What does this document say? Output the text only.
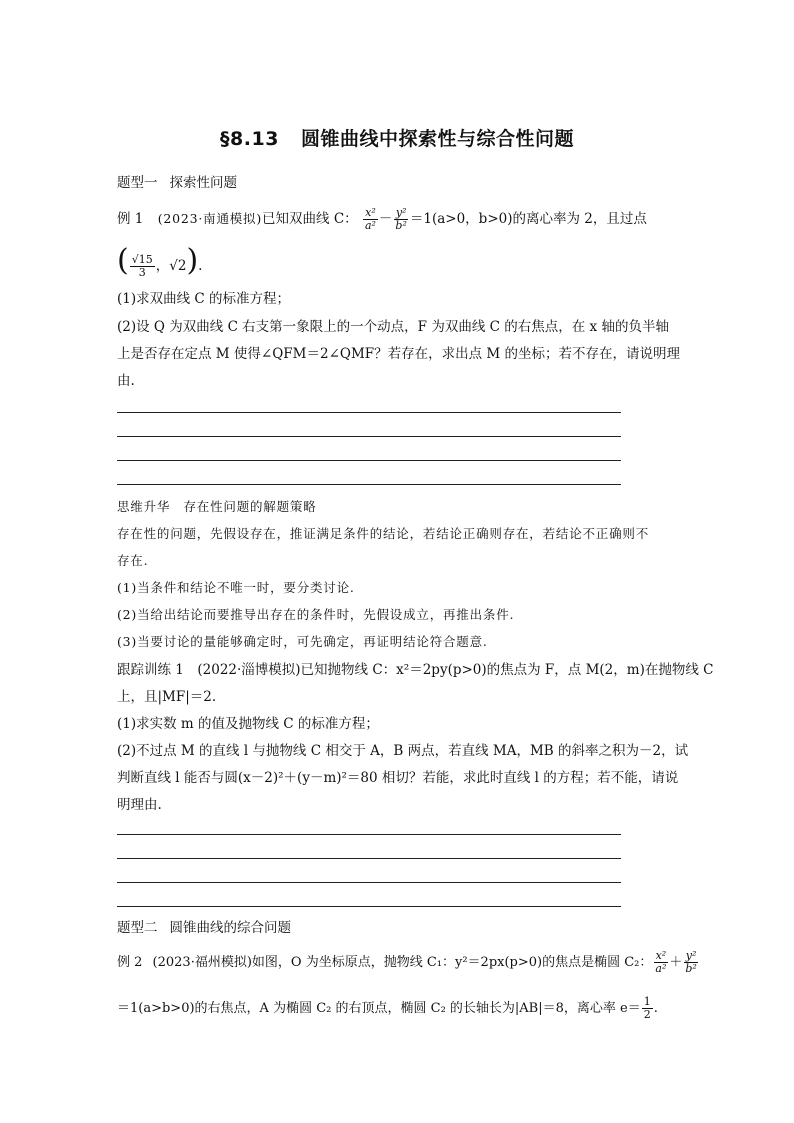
§8.13 圆锥曲线中探索性与综合性问题
题型一 探索性问题
例 1 (2023·南通模拟)已知双曲线 C： $\frac{\text{x²}}{\text{a²}} - \frac{\text{y²}}{\text{b²}} =1(a>0$，b>0)的离心率为 2，且过点
( $\frac{√15}{3}$ ，√2).
(1)求双曲线 C 的标准方程；
(2)设 Q 为双曲线 C 右支第一象限上的一个动点，F 为双曲线 C 的右焦点，在 x 轴的负半轴
上是否存在定点 M 使得∠QFM＝2∠QMF？若存在，求出点 M 的坐标；若不存在，请说明理
由.
思维升华　存在性问题的解题策略
存在性的问题，先假设存在，推证满足条件的结论，若结论正确则存在，若结论不正确则不
存在.
(1)当条件和结论不唯一时，要分类讨论.
(2)当给出结论而要推导出存在的条件时，先假设成立，再推出条件.
(3)当要讨论的量能够确定时，可先确定，再证明结论符合题意.
跟踪训练 1　(2022·淄博模拟)已知抛物线 C：x²＝2py(p>0)的焦点为 F，点 M(2，m)在抛物线 C
上，且|MF|＝2.
(1)求实数 m 的值及抛物线 C 的标准方程；
(2)不过点 M 的直线 l 与抛物线 C 相交于 A，B 两点，若直线 MA，MB 的斜率之积为－2，试
判断直线 l 能否与圆(x－2)²＋(y－m)²＝80 相切？若能，求此时直线 l 的方程；若不能，请说
明理由.
题型二 圆锥曲线的综合问题
例 2 (2023·福州模拟)如图，O 为坐标原点，抛物线 C₁：y²＝2px(p>0)的焦点是椭圆 C₂： $\frac{\text{x²}}{\text{a²}} + \frac{\text{y²}}{\text{b²}}$
＝1(a>b>0)的右焦点，A 为椭圆 C₂ 的右顶点，椭圆 C₂ 的长轴长为|AB|＝8，离心率 $e= \frac{1}{2}$ .
